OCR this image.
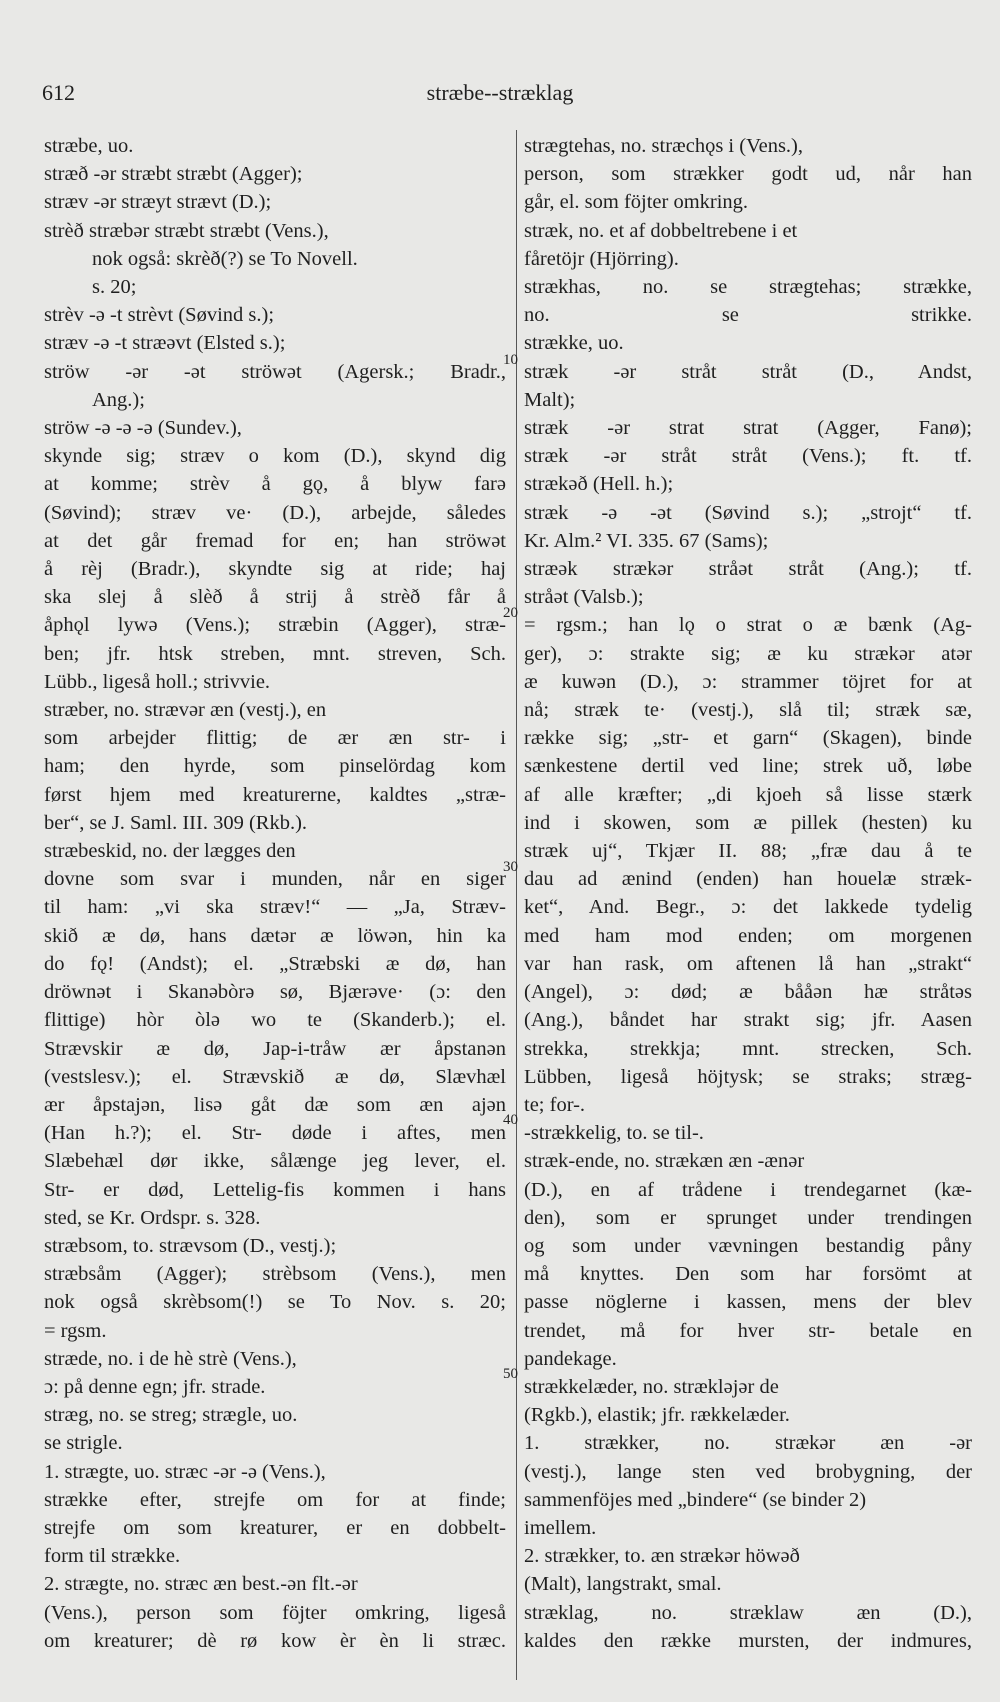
612	stræbe--stræklag
stræbe, uo.
stræð -ər stræbt stræbt (Agger);
stræv -ər stræyt strævt (D.);
strèð stræbər stræbt stræbt (Vens.),
nok også: skrèð(?) se To Novell.
s. 20;
strèv -ə -t strèvt (Søvind s.);
stræv -ə -t stræəvt (Elsted s.);
ströw -ər -ət ströwət (Agersk.; Bradr.,
Ang.);
ströw -ə -ə -ə (Sundev.),
skynde sig; stræv o kom (D.), skynd dig
at komme; strèv å gǫ, å blyw farə
(Søvind); stræv ve· (D.), arbejde, således
at det går fremad for en; han ströwət
å rèj (Bradr.), skyndte sig at ride; haj
ska slej å slèð å strij å strèð får å
åphǫl lywə (Vens.); stræbin (Agger), stræ-
ben; jfr. htsk streben, mnt. streven, Sch.
Lübb., ligeså holl.; strivvie.
stræber, no. strævər æn (vestj.), en
som arbejder flittig; de ær æn str- i
ham; den hyrde, som pinselördag kom
først hjem med kreaturerne, kaldtes „stræ-
ber“, se J. Saml. III. 309 (Rkb.).
stræbeskid, no. der lægges den
dovne som svar i munden, når en siger
til ham: „vi ska stræv!“ — „Ja, Stræv-
skið æ dø, hans dætər æ löwən, hin ka
do fǫ! (Andst); el. „Stræbski æ dø, han
dröwnət i Skanəbòrə sø, Bjærəve· (ɔ: den
flittige) hòr òlə wo te (Skanderb.); el.
Strævskir æ dø, Jap-i-tråw ær åpstanən
(vestslesv.); el. Strævskið æ dø, Slævhæl
ær åpstajən, lisə gåt dæ som æn ajən
(Han h.?); el. Str- døde i aftes, men
Slæbehæl dør ikke, sålænge jeg lever, el.
Str- er død, Lettelig-fis kommen i hans
sted, se Kr. Ordspr. s. 328.
stræbsom, to. strævsom (D., vestj.);
stræbsåm (Agger); strèbsom (Vens.), men
nok også skrèbsom(!) se To Nov. s. 20;
= rgsm.
stræde, no. i de hè strè (Vens.),
ɔ: på denne egn; jfr. strade.
stræg, no. se streg; strægle, uo.
se strigle.
1. strægte, uo. stræc -ər -ə (Vens.),
strække efter, strejfe om for at finde;
strejfe om som kreaturer, er en dobbelt-
form til strække.
2. strægte, no. stræc æn best.-ən flt.-ər
(Vens.), person som föjter omkring, ligeså
om kreaturer; dè rø kow èr èn li stræc.
strægtehas, no. stræchǫs i (Vens.),
person, som strækker godt ud, når han
går, el. som föjter omkring.
stræk, no. et af dobbeltrebene i et
fåretöjr (Hjörring).
strækhas, no. se strægtehas; strække,
no. se strikke.
strække, uo.
stræk -ər stråt stråt (D., Andst,
Malt);
stræk -ər strat strat (Agger, Fanø);
stræk -ər stråt stråt (Vens.); ft. tf.
strækəð (Hell. h.);
stræk -ə -ət (Søvind s.); „strojt“ tf.
Kr. Alm.² VI. 335. 67 (Sams);
stræək strækər stråət stråt (Ang.); tf.
stråət (Valsb.);
= rgsm.; han lǫ o strat o æ bænk (Ag-
ger), ɔ: strakte sig; æ ku strækər atər
æ kuwən (D.), ɔ: strammer töjret for at
nå; stræk te· (vestj.), slå til; stræk sæ,
række sig; „str- et garn“ (Skagen), binde
sænkestene dertil ved line; strek uð, løbe
af alle kræfter; „di kjoeh så lisse stærk
ind i skowen, som æ pillek (hesten) ku
stræk uj“, Tkjær II. 88; „fræ dau å te
dau ad ænind (enden) han houelæ stræk-
ket“, And. Begr., ɔ: det lakkede tydelig
med ham mod enden; om morgenen
var han rask, om aftenen lå han „strakt“
(Angel), ɔ: død; æ bååən hæ stråtəs
(Ang.), båndet har strakt sig; jfr. Aasen
strekka, strekkja; mnt. strecken, Sch.
Lübben, ligeså höjtysk; se straks; stræg-
te; for-.
-strækkelig, to. se til-.
stræk-ende, no. strækæn æn -ænər
(D.), en af trådene i trendegarnet (kæ-
den), som er sprunget under trendingen
og som under vævningen bestandig påny
må knyttes. Den som har forsömt at
passe nöglerne i kassen, mens der blev
trendet, må for hver str- betale en
pandekage.
strækkelæder, no. strækləjər de
(Rgkb.), elastik; jfr. rækkelæder.
1. strækker, no. strækər æn -ər
(vestj.), lange sten ved brobygning, der
sammenföjes med „bindere“ (se binder 2)
imellem.
2. strækker, to. æn strækər höwəð
(Malt), langstrakt, smal.
stræklag, no. stræklaw æn (D.),
kaldes den række mursten, der indmures,
10
20
30
40
50
